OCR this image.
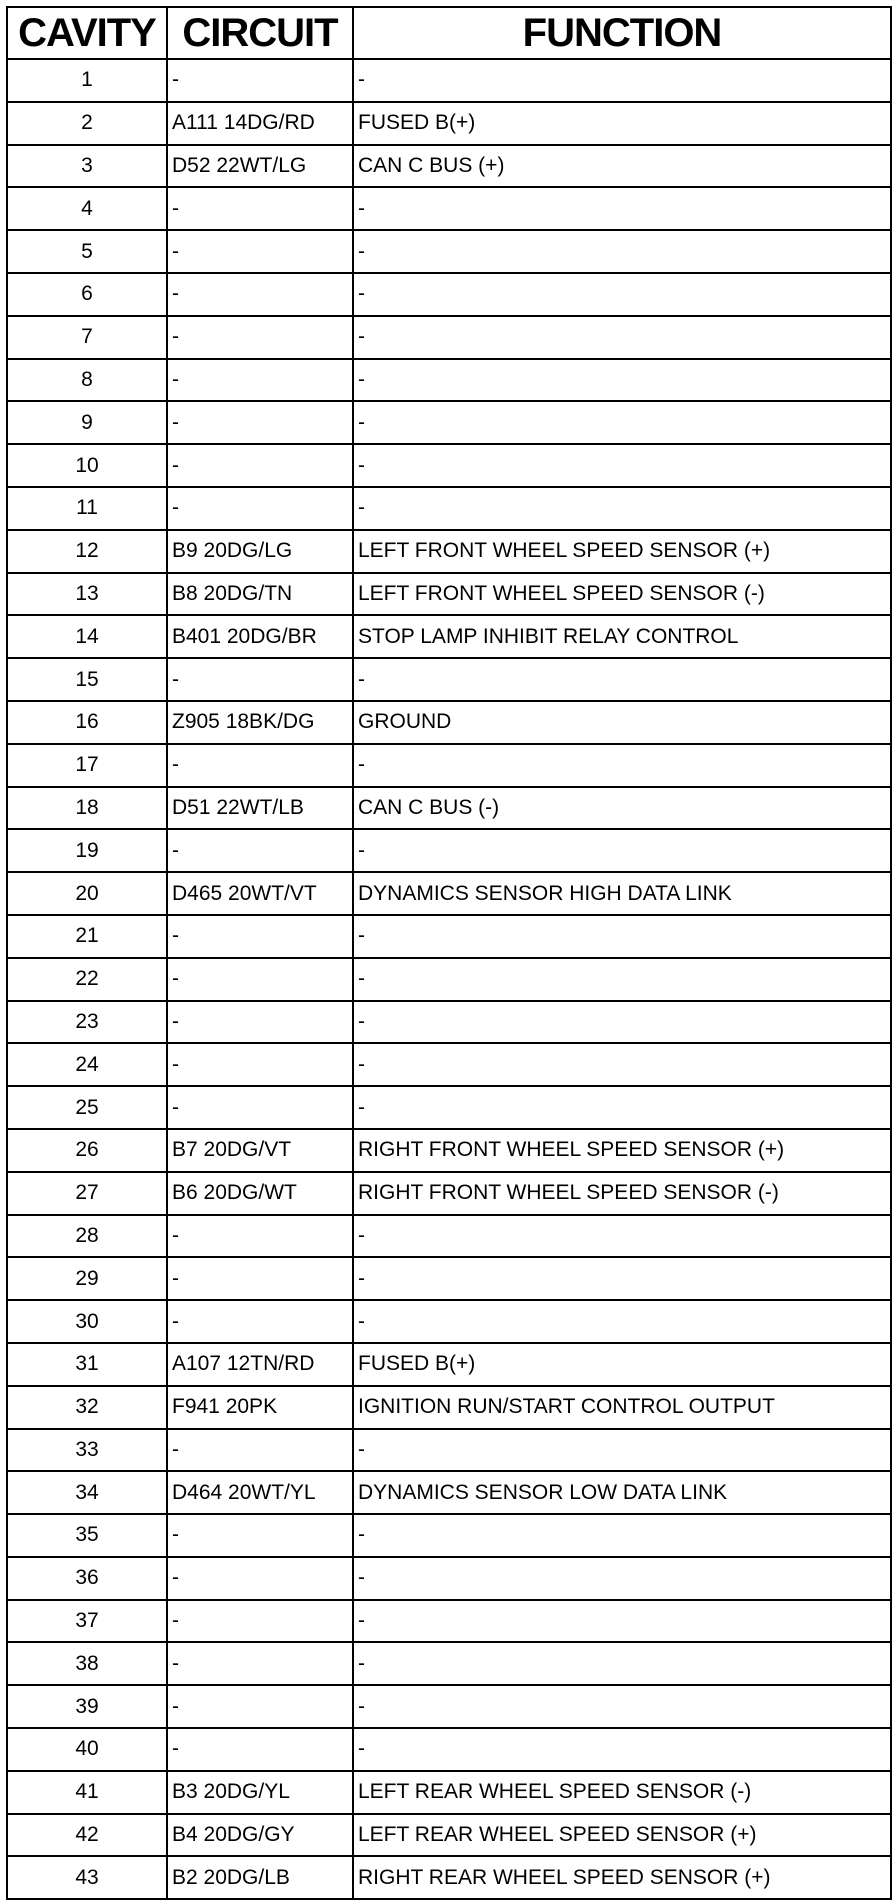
CAVITY	CIRCUIT	FUNCTION
1	-	-
2	A111 14DG/RD	FUSED B(+)
3	D52 22WT/LG	CAN C BUS (+)
4	-	-
5	-	-
6	-	-
7	-	-
8	-	-
9	-	-
10	-	-
11	-	-
12	B9 20DG/LG	LEFT FRONT WHEEL SPEED SENSOR (+)
13	B8 20DG/TN	LEFT FRONT WHEEL SPEED SENSOR (-)
14	B401 20DG/BR	STOP LAMP INHIBIT RELAY CONTROL
15	-	-
16	Z905 18BK/DG	GROUND
17	-	-
18	D51 22WT/LB	CAN C BUS (-)
19	-	-
20	D465 20WT/VT	DYNAMICS SENSOR HIGH DATA LINK
21	-	-
22	-	-
23	-	-
24	-	-
25	-	-
26	B7 20DG/VT	RIGHT FRONT WHEEL SPEED SENSOR (+)
27	B6 20DG/WT	RIGHT FRONT WHEEL SPEED SENSOR (-)
28	-	-
29	-	-
30	-	-
31	A107 12TN/RD	FUSED B(+)
32	F941 20PK	IGNITION RUN/START CONTROL OUTPUT
33	-	-
34	D464 20WT/YL	DYNAMICS SENSOR LOW DATA LINK
35	-	-
36	-	-
37	-	-
38	-	-
39	-	-
40	-	-
41	B3 20DG/YL	LEFT REAR WHEEL SPEED SENSOR (-)
42	B4 20DG/GY	LEFT REAR WHEEL SPEED SENSOR (+)
43	B2 20DG/LB	RIGHT REAR WHEEL SPEED SENSOR (+)
